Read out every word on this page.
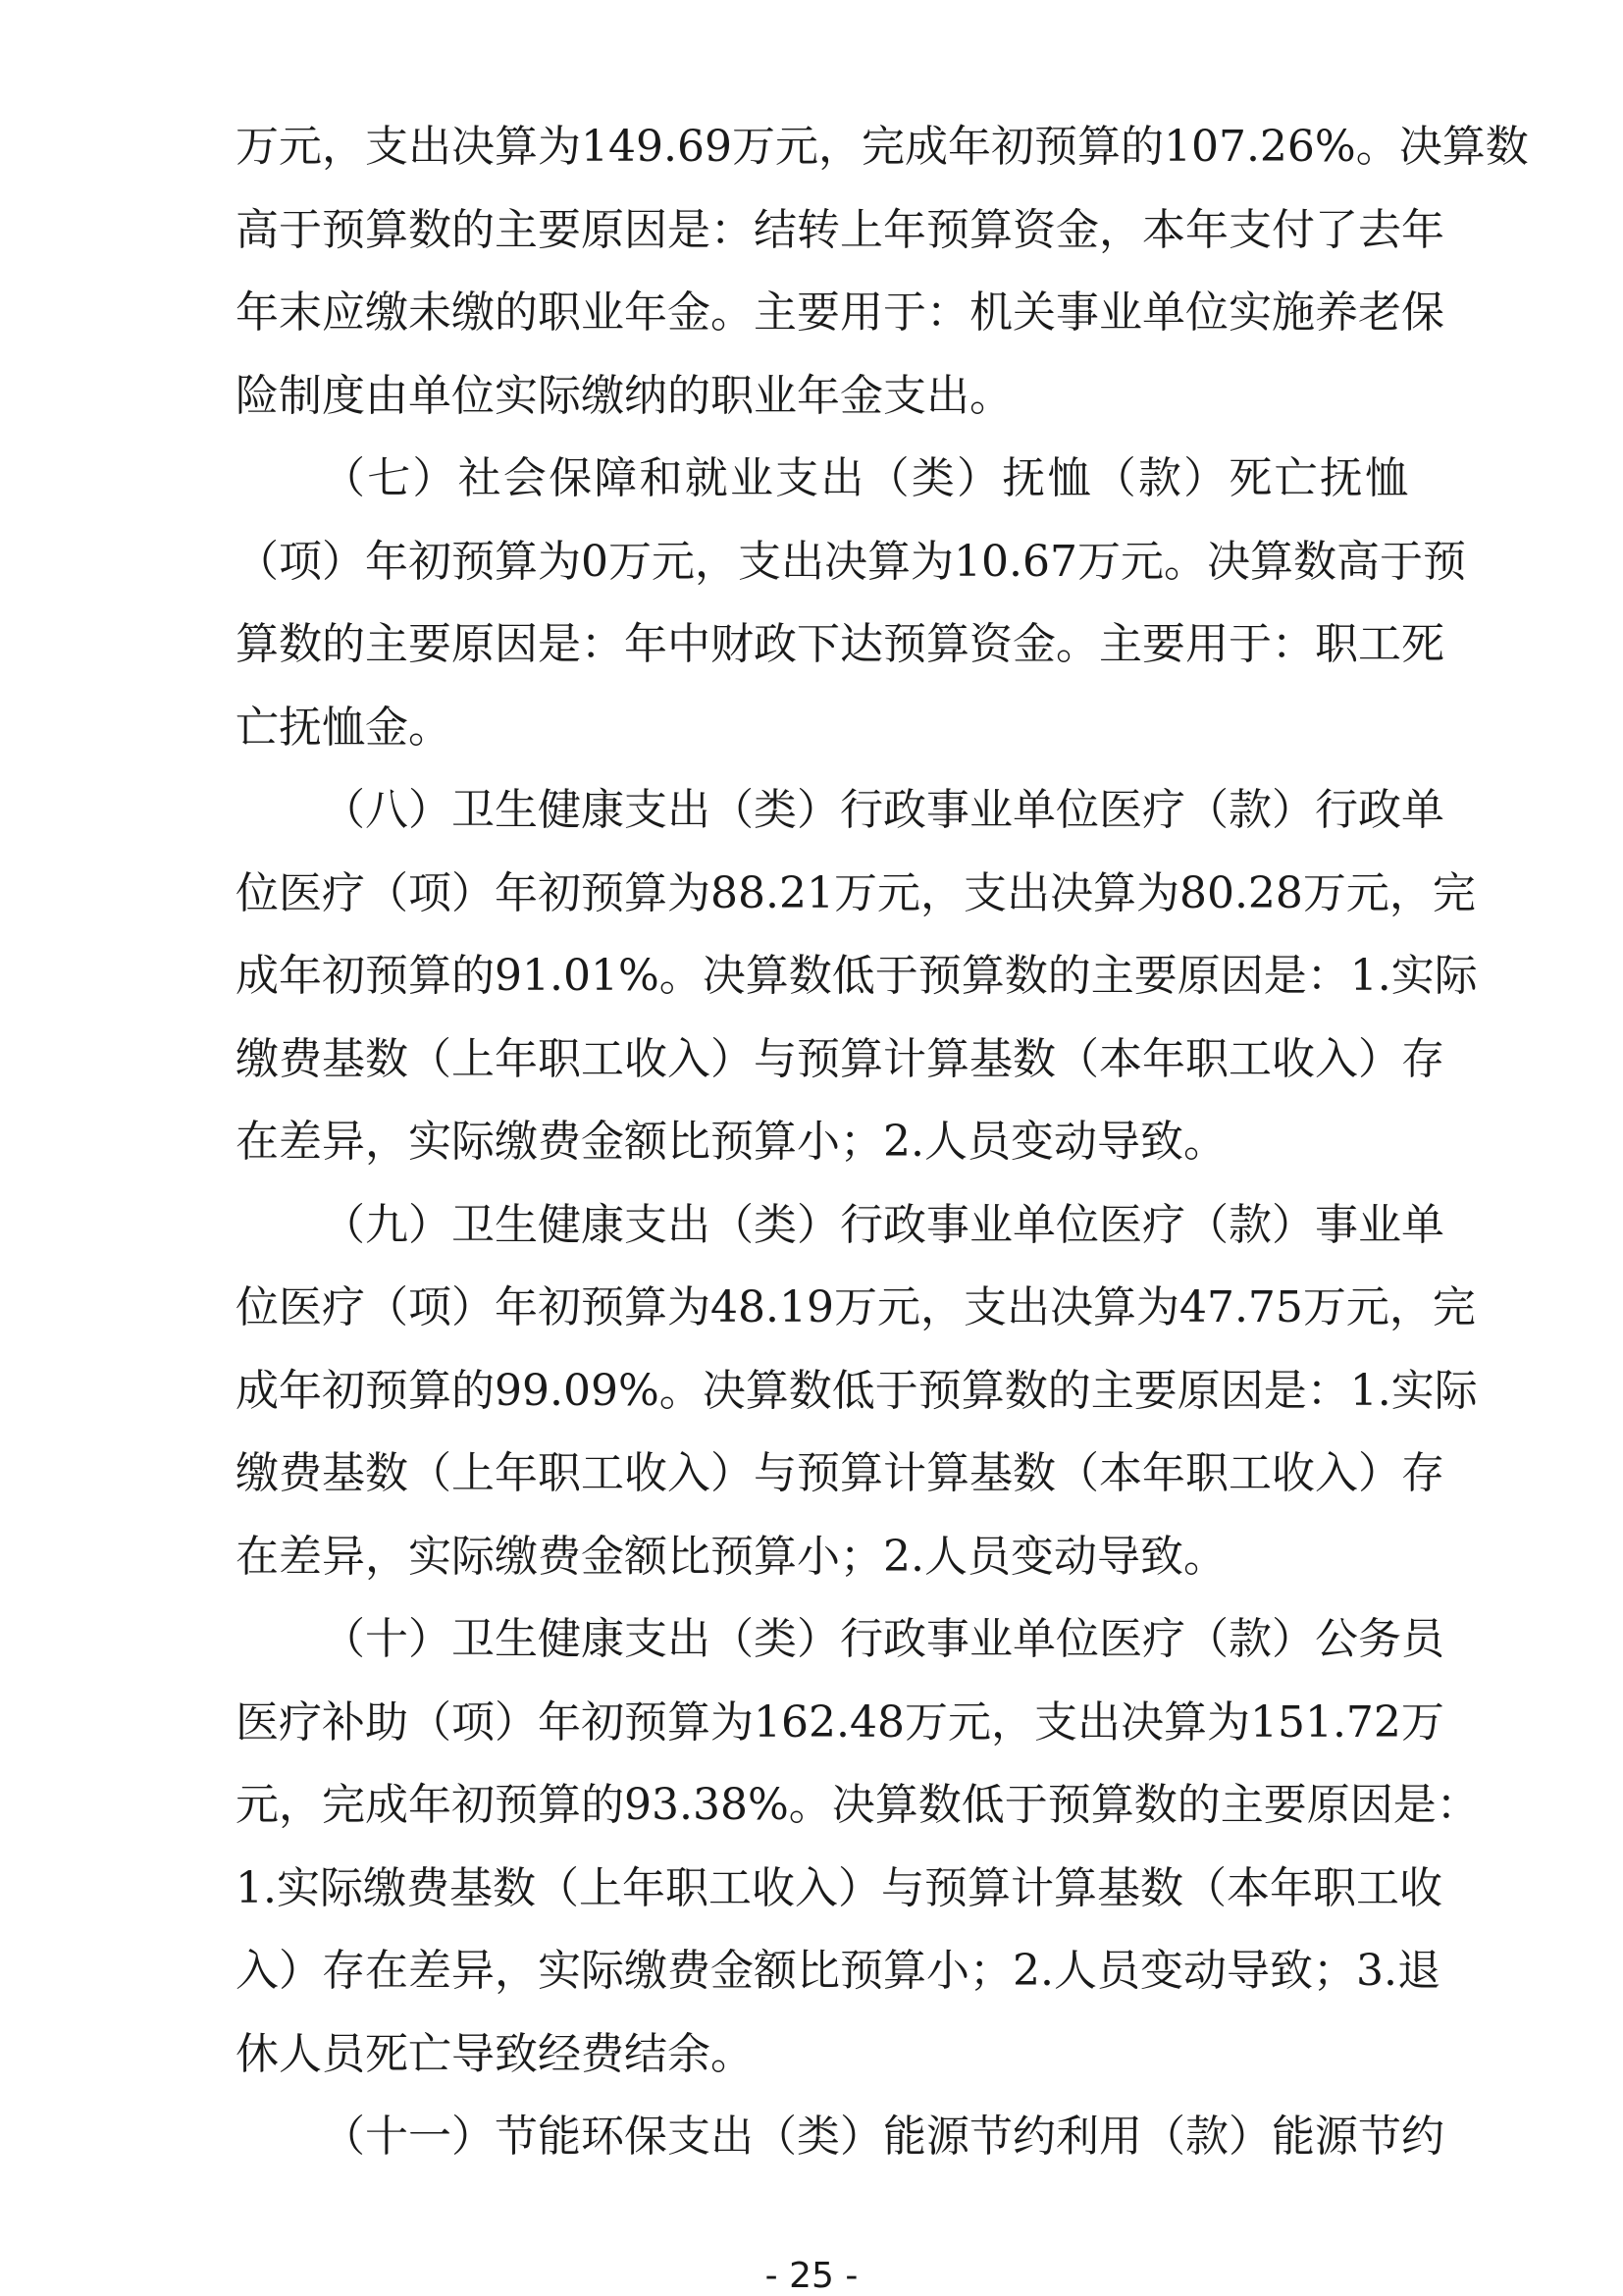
万元，支出决算为149.69万元，完成年初预算的107.26%。决算数
高于预算数的主要原因是：结转上年预算资金，本年支付了去年
年末应缴未缴的职业年金。主要用于：机关事业单位实施养老保
险制度由单位实际缴纳的职业年金支出。
（七）社会保障和就业支出（类）抚恤（款）死亡抚恤
（项）年初预算为0万元，支出决算为10.67万元。决算数高于预
算数的主要原因是：年中财政下达预算资金。主要用于：职工死
亡抚恤金。
（八）卫生健康支出（类）行政事业单位医疗（款）行政单
位医疗（项）年初预算为88.21万元，支出决算为80.28万元，完
成年初预算的91.01%。决算数低于预算数的主要原因是：1.实际
缴费基数（上年职工收入）与预算计算基数（本年职工收入）存
在差异，实际缴费金额比预算小；2.人员变动导致。
（九）卫生健康支出（类）行政事业单位医疗（款）事业单
位医疗（项）年初预算为48.19万元，支出决算为47.75万元，完
成年初预算的99.09%。决算数低于预算数的主要原因是：1.实际
缴费基数（上年职工收入）与预算计算基数（本年职工收入）存
在差异，实际缴费金额比预算小；2.人员变动导致。
（十）卫生健康支出（类）行政事业单位医疗（款）公务员
医疗补助（项）年初预算为162.48万元，支出决算为151.72万
元，完成年初预算的93.38%。决算数低于预算数的主要原因是：
1.实际缴费基数（上年职工收入）与预算计算基数（本年职工收
入）存在差异，实际缴费金额比预算小；2.人员变动导致；3.退
休人员死亡导致经费结余。
（十一）节能环保支出（类）能源节约利用（款）能源节约
- 25 -
